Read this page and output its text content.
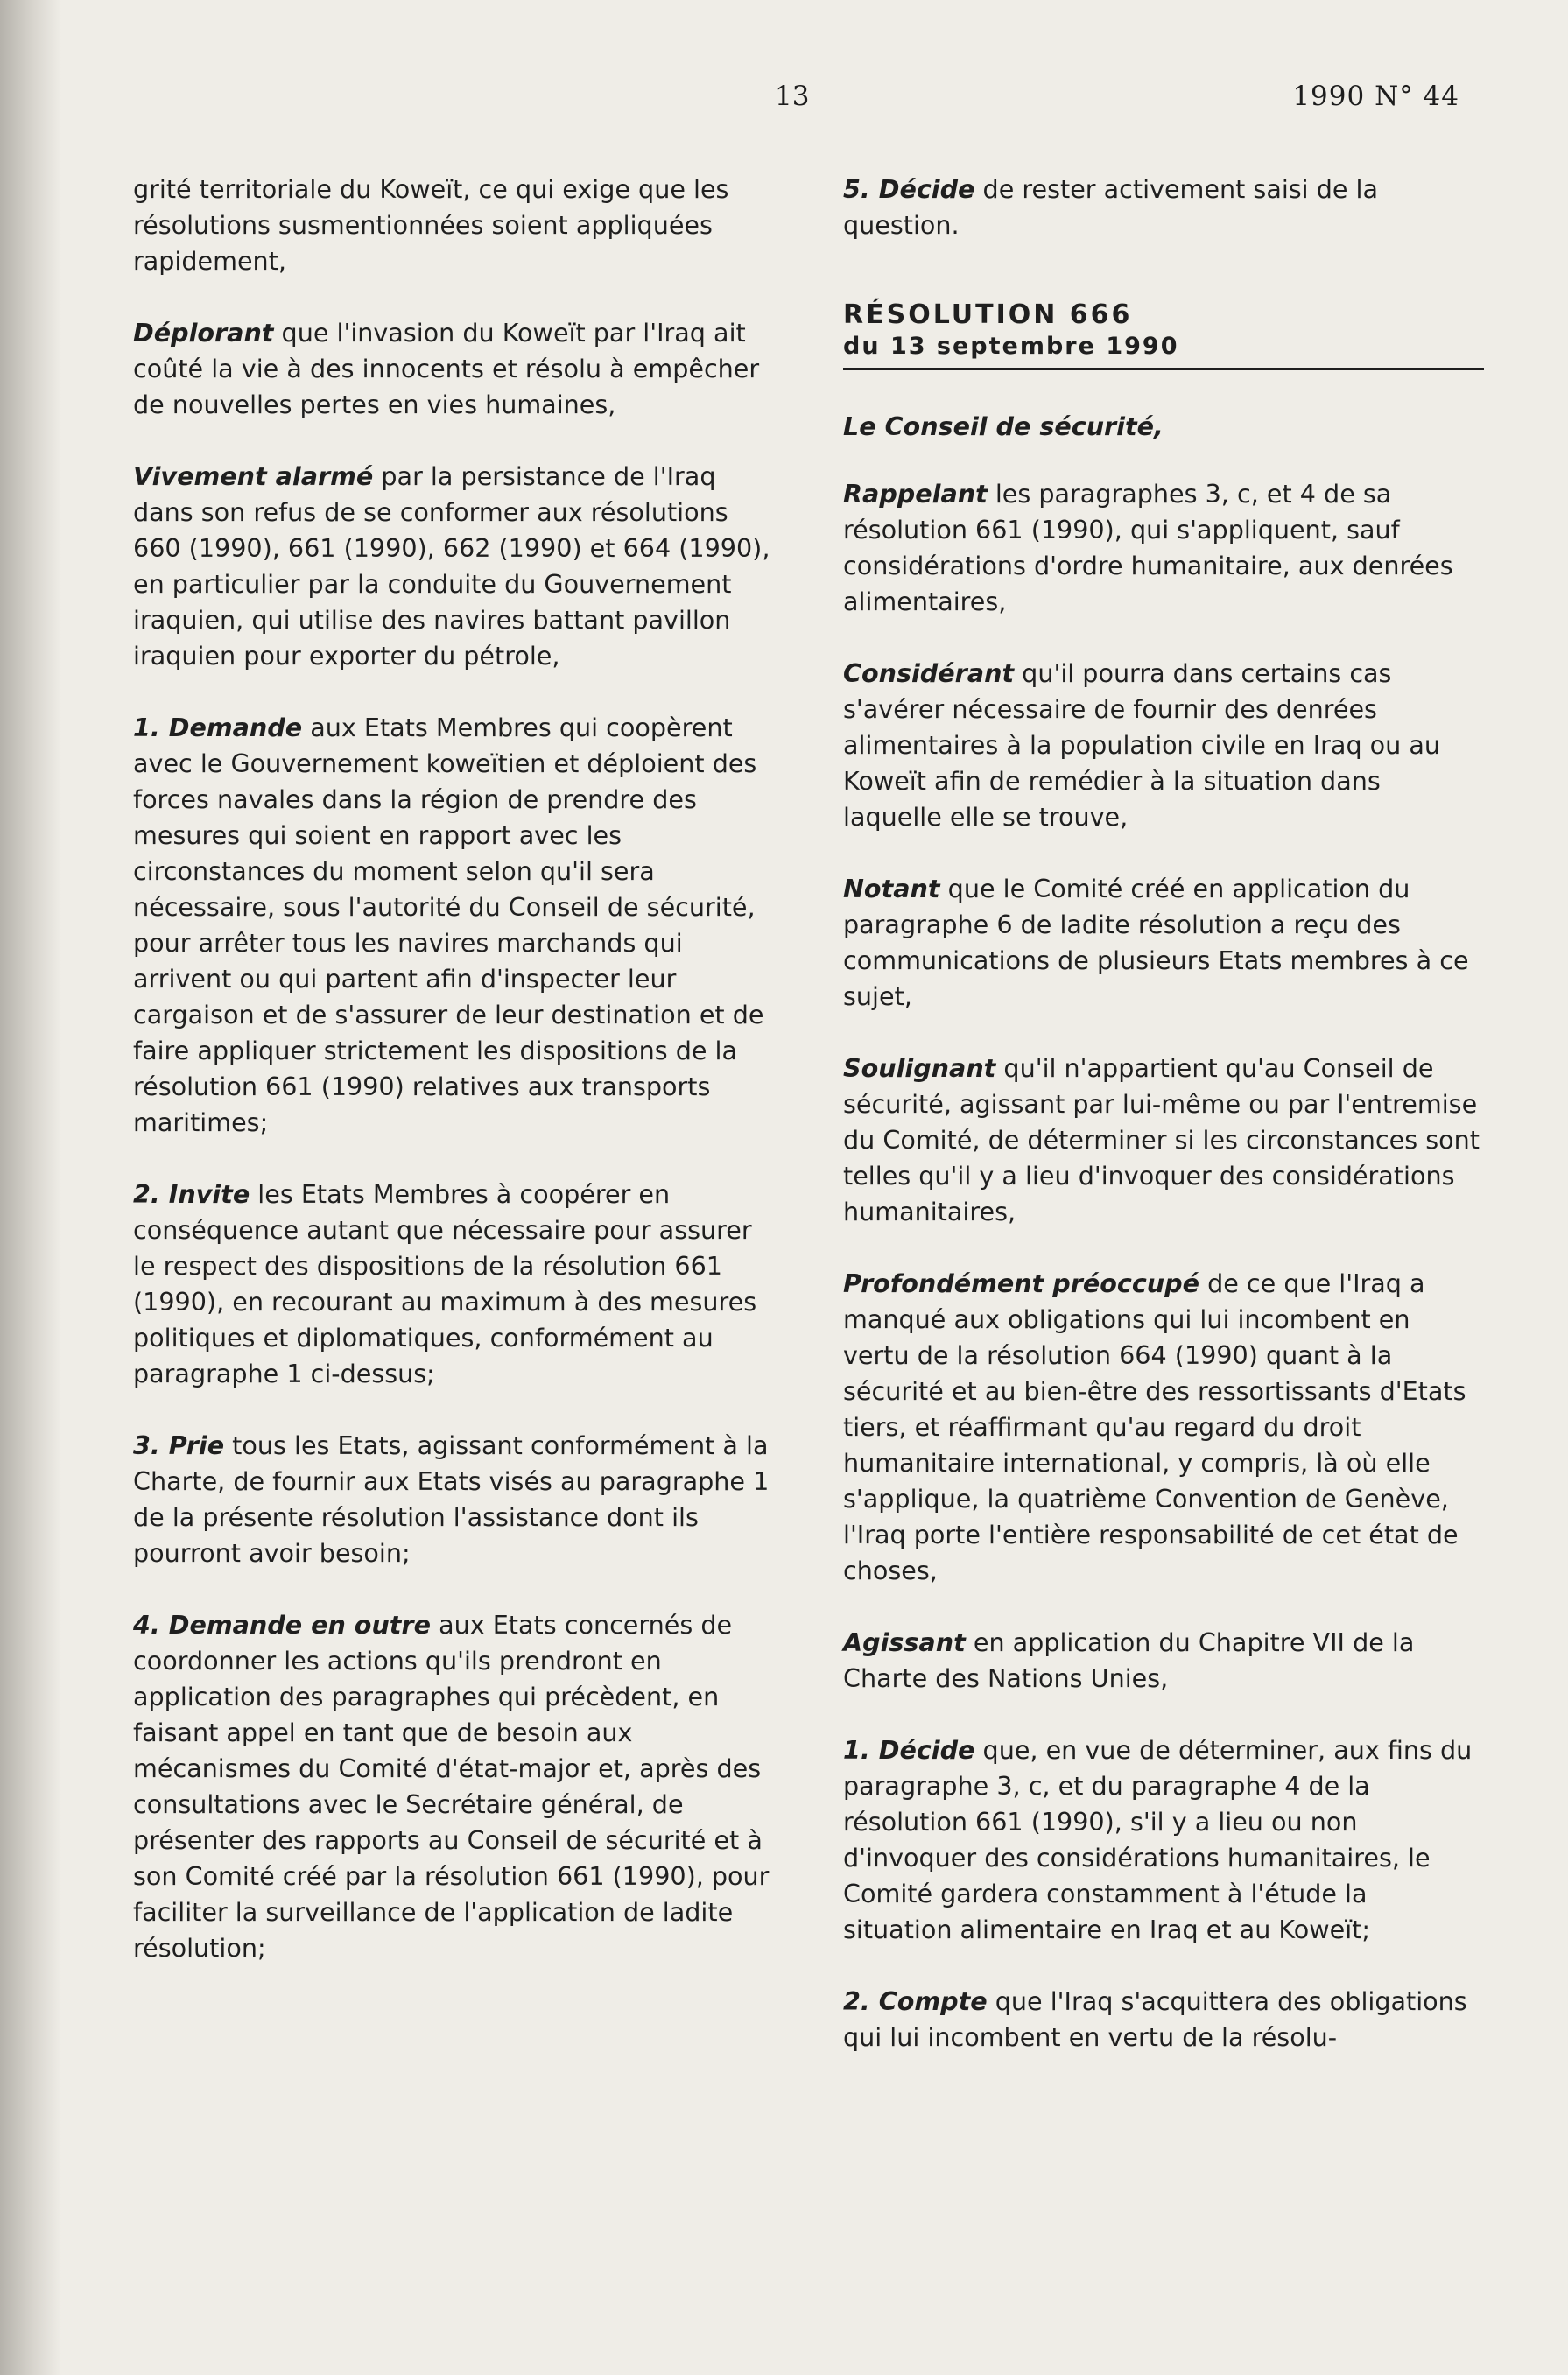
13	1990 N° 44

grité territoriale du Koweït, ce qui exige que les résolutions susmentionnées soient appliquées rapidement,

Déplorant que l'invasion du Koweït par l'Iraq ait coûté la vie à des innocents et résolu à empêcher de nouvelles pertes en vies humaines,

Vivement alarmé par la persistance de l'Iraq dans son refus de se conformer aux résolutions 660 (1990), 661 (1990), 662 (1990) et 664 (1990), en particulier par la conduite du Gouvernement iraquien, qui utilise des navires battant pavillon iraquien pour exporter du pétrole,

1. Demande aux Etats Membres qui coopèrent avec le Gouvernement koweïtien et déploient des forces navales dans la région de prendre des mesures qui soient en rapport avec les circonstances du moment selon qu'il sera nécessaire, sous l'autorité du Conseil de sécurité, pour arrêter tous les navires marchands qui arrivent ou qui partent afin d'inspecter leur cargaison et de s'assurer de leur destination et de faire appliquer strictement les dispositions de la résolution 661 (1990) relatives aux transports maritimes;

2. Invite les Etats Membres à coopérer en conséquence autant que nécessaire pour assurer le respect des dispositions de la résolution 661 (1990), en recourant au maximum à des mesures politiques et diplomatiques, conformément au paragraphe 1 ci-dessus;

3. Prie tous les Etats, agissant conformément à la Charte, de fournir aux Etats visés au paragraphe 1 de la présente résolution l'assistance dont ils pourront avoir besoin;

4. Demande en outre aux Etats concernés de coordonner les actions qu'ils prendront en application des paragraphes qui précèdent, en faisant appel en tant que de besoin aux mécanismes du Comité d'état-major et, après des consultations avec le Secrétaire général, de présenter des rapports au Conseil de sécurité et à son Comité créé par la résolution 661 (1990), pour faciliter la surveillance de l'application de ladite résolution;

5. Décide de rester activement saisi de la question.

RÉSOLUTION 666
du 13 septembre 1990

Le Conseil de sécurité,

Rappelant les paragraphes 3, c, et 4 de sa résolution 661 (1990), qui s'appliquent, sauf considérations d'ordre humanitaire, aux denrées alimentaires,

Considérant qu'il pourra dans certains cas s'avérer nécessaire de fournir des denrées alimentaires à la population civile en Iraq ou au Koweït afin de remédier à la situation dans laquelle elle se trouve,

Notant que le Comité créé en application du paragraphe 6 de ladite résolution a reçu des communications de plusieurs Etats membres à ce sujet,

Soulignant qu'il n'appartient qu'au Conseil de sécurité, agissant par lui-même ou par l'entremise du Comité, de déterminer si les circonstances sont telles qu'il y a lieu d'invoquer des considérations humanitaires,

Profondément préoccupé de ce que l'Iraq a manqué aux obligations qui lui incombent en vertu de la résolution 664 (1990) quant à la sécurité et au bien-être des ressortissants d'Etats tiers, et réaffirmant qu'au regard du droit humanitaire international, y compris, là où elle s'applique, la quatrième Convention de Genève, l'Iraq porte l'entière responsabilité de cet état de choses,

Agissant en application du Chapitre VII de la Charte des Nations Unies,

1. Décide que, en vue de déterminer, aux fins du paragraphe 3, c, et du paragraphe 4 de la résolution 661 (1990), s'il y a lieu ou non d'invoquer des considérations humanitaires, le Comité gardera constamment à l'étude la situation alimentaire en Iraq et au Koweït;

2. Compte que l'Iraq s'acquittera des obligations qui lui incombent en vertu de la résolu-
